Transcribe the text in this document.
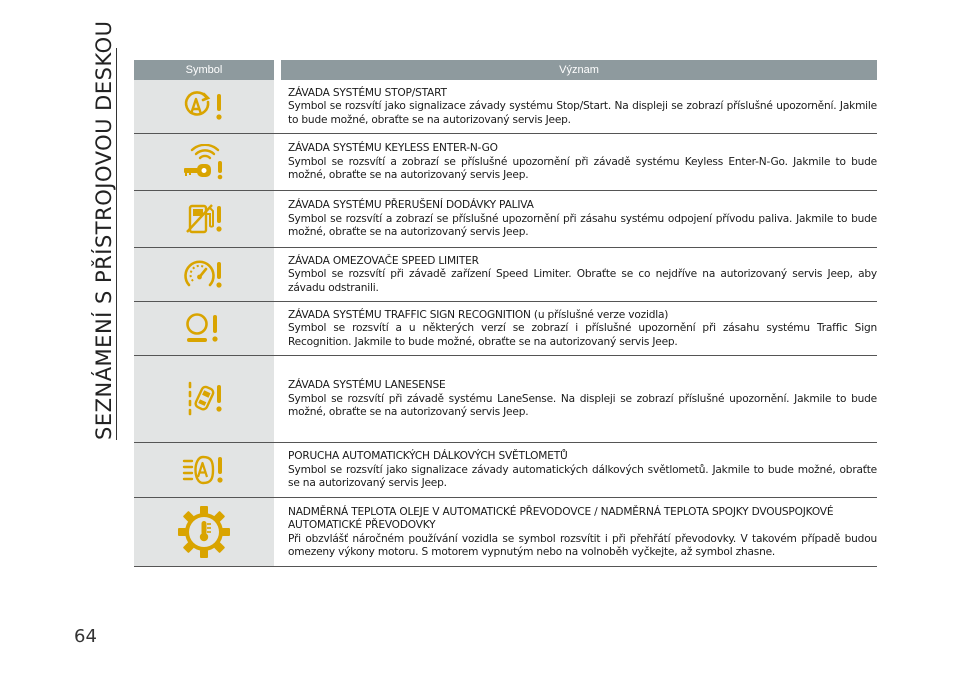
SEZNÁMENÍ S PŘÍSTROJOVOU DESKOU	Symbol	Význam
ZÁVADA SYSTÉMU STOP/START
Symbol se rozsvítí jako signalizace závady systému Stop/Start. Na displeji se zobrazí příslušné upozornění. Jakmile to bude možné, obraťte se na autorizovaný servis Jeep.
ZÁVADA SYSTÉMU KEYLESS ENTER-N-GO
Symbol se rozsvítí a zobrazí se příslušné upozornění při závadě systému Keyless Enter-N-Go. Jakmile to bude možné, obraťte se na autorizovaný servis Jeep.
ZÁVADA SYSTÉMU PŘERUŠENÍ DODÁVKY PALIVA
Symbol se rozsvítí a zobrazí se příslušné upozornění při zásahu systému odpojení přívodu paliva. Jakmile to bude možné, obraťte se na autorizovaný servis Jeep.
ZÁVADA OMEZOVAČE SPEED LIMITER
Symbol se rozsvítí při závadě zařízení Speed Limiter. Obraťte se co nejdříve na autorizovaný servis Jeep, aby závadu odstranili.
ZÁVADA SYSTÉMU TRAFFIC SIGN RECOGNITION (u příslušné verze vozidla)
Symbol se rozsvítí a u některých verzí se zobrazí i příslušné upozornění při zásahu systému Traffic Sign Recognition. Jakmile to bude možné, obraťte se na autorizovaný servis Jeep.
ZÁVADA SYSTÉMU LANESENSE
Symbol se rozsvítí při závadě systému LaneSense. Na displeji se zobrazí příslušné upozornění. Jakmile to bude možné, obraťte se na autorizovaný servis Jeep.
PORUCHA AUTOMATICKÝCH DÁLKOVÝCH SVĚTLOMETŮ
Symbol se rozsvítí jako signalizace závady automatických dálkových světlometů. Jakmile to bude možné, obraťte se na autorizovaný servis Jeep.
NADMĚRNÁ TEPLOTA OLEJE V AUTOMATICKÉ PŘEVODOVCE / NADMĚRNÁ TEPLOTA SPOJKY DVOUSPOJKOVÉ AUTOMATICKÉ PŘEVODOVKY
Při obzvlášť náročném používání vozidla se symbol rozsvítit i při přehřátí převodovky. V takovém případě budou omezeny výkony motoru. S motorem vypnutým nebo na volnoběh vyčkejte, až symbol zhasne.
64
